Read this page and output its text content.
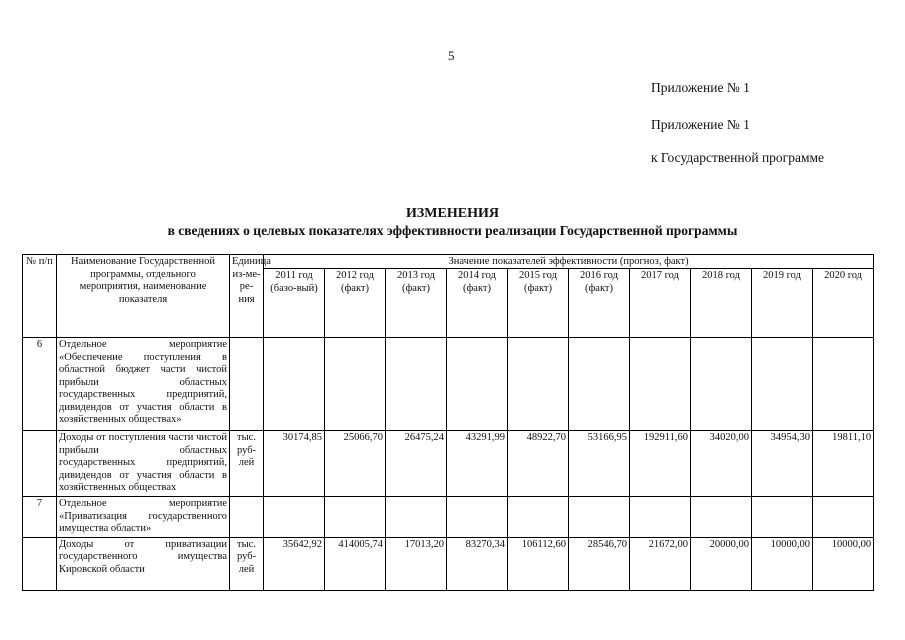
5
Приложение № 1
Приложение № 1
к Государственной программе
ИЗМЕНЕНИЯ
в сведениях о целевых показателях эффективности реализации Государственной программы
№ п/п	Наименование Государственной программы, отдельного мероприятия, наименование показателя	Единица из-ме-ре-ния	Значение показателей эффективности (прогноз, факт)									
			2011 год (базо-вый)	2012 год (факт)	2013 год (факт)	2014 год (факт)	2015 год (факт)	2016 год (факт)	2017 год	2018 год	2019 год	2020 год
6	Отдельное мероприятие «Обеспечение поступления в областной бюджет части чистой прибыли областных государственных предприятий, дивидендов от участия области в хозяйственных обществах»											
	Доходы от поступления части чистой прибыли областных государственных предприятий, дивидендов от участия области в хозяйственных обществах	тыс. руб-лей	30174,85	25066,70	26475,24	43291,99	48922,70	53166,95	192911,60	34020,00	34954,30	19811,10
7	Отдельное мероприятие «Приватизация государственного имущества области»											
	Доходы от приватизации государственного имущества Кировской области	тыс. руб-лей	35642,92	414005,74	17013,20	83270,34	106112,60	28546,70	21672,00	20000,00	10000,00	10000,00
